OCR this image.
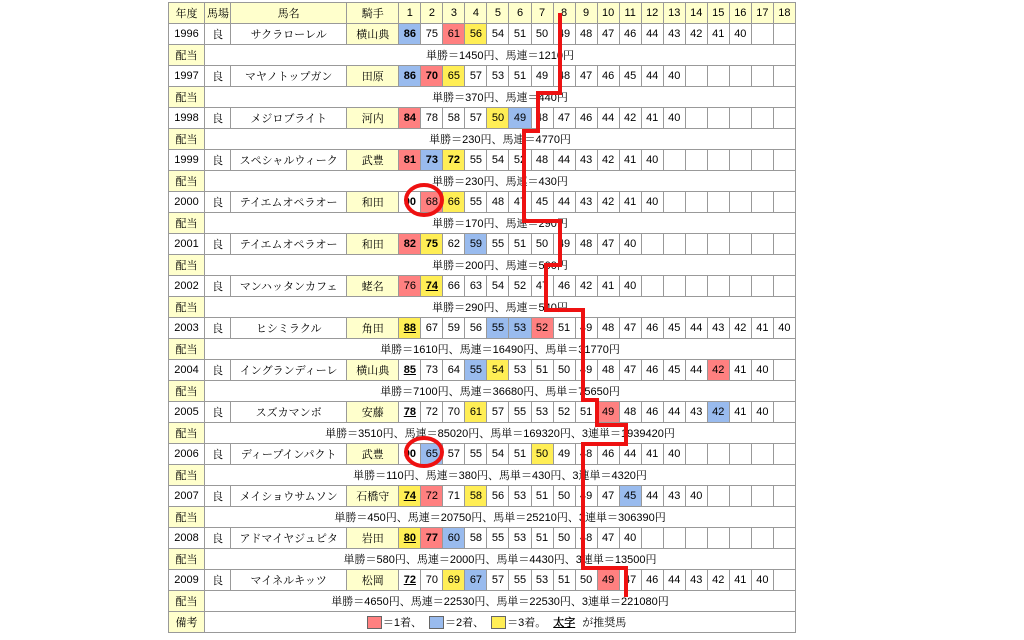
年度	馬場	馬名	騎手	1	2	3	4	5	6	7	8	9	10	11	12	13	14	15	16	17	18
1996	良	サクラローレル	横山典	86	75	61	56	54	51	50	49	48	47	46	44	43	42	41	40		
配当	単勝＝1450円、馬連＝1210円																				
1997	良	マヤノトップガン	田原	86	70	65	57	53	51	49	48	47	46	45	44	40					
配当	単勝＝370円、馬連＝440円																				
1998	良	メジロブライト	河内	84	78	58	57	50	49	48	47	46	44	42	41	40					
配当	単勝＝230円、馬連＝4770円																				
1999	良	スペシャルウィーク	武豊	81	73	72	55	54	52	48	44	43	42	41	40						
配当	単勝＝230円、馬連＝430円																				
2000	良	テイエムオペラオー	和田	90	68	66	55	48	47	45	44	43	42	41	40						
配当	単勝＝170円、馬連＝290円																				
2001	良	テイエムオペラオー	和田	82	75	62	59	55	51	50	49	48	47	40							
配当	単勝＝200円、馬連＝500円																				
2002	良	マンハッタンカフェ	蛯名	76	74	66	63	54	52	47	46	42	41	40							
配当	単勝＝290円、馬連＝540円																				
2003	良	ヒシミラクル	角田	88	67	59	56	55	53	52	51	49	48	47	46	45	44	43	42	41	40
配当	単勝＝1610円、馬連＝16490円、馬単＝31770円																				
2004	良	イングランディーレ	横山典	85	73	64	55	54	53	51	50	49	48	47	46	45	44	42	41	40	
配当	単勝＝7100円、馬連＝36680円、馬単＝75650円																				
2005	良	スズカマンボ	安藤	78	72	70	61	57	55	53	52	51	49	48	46	44	43	42	41	40	
配当	単勝＝3510円、馬連＝85020円、馬単＝169320円、3連単＝1939420円																				
2006	良	ディープインパクト	武豊	90	65	57	55	54	51	50	49	48	46	44	41	40					
配当	単勝＝110円、馬連＝380円、馬単＝430円、3連単＝4320円																				
2007	良	メイショウサムソン	石橋守	74	72	71	58	56	53	51	50	49	47	45	44	43	40				
配当	単勝＝450円、馬連＝20750円、馬単＝25210円、3連単＝306390円																				
2008	良	アドマイヤジュピタ	岩田	80	77	60	58	55	53	51	50	48	47	40							
配当	単勝＝580円、馬連＝2000円、馬単＝4430円、3連単＝13500円																				
2009	良	マイネルキッツ	松岡	72	70	69	67	57	55	53	51	50	49	47	46	44	43	42	41	40	
配当	単勝＝4650円、馬連＝22530円、馬単＝22530円、3連単＝221080円																				
備考	＝1着、 ＝2着、 ＝3着。 太字 が推奨馬																				
